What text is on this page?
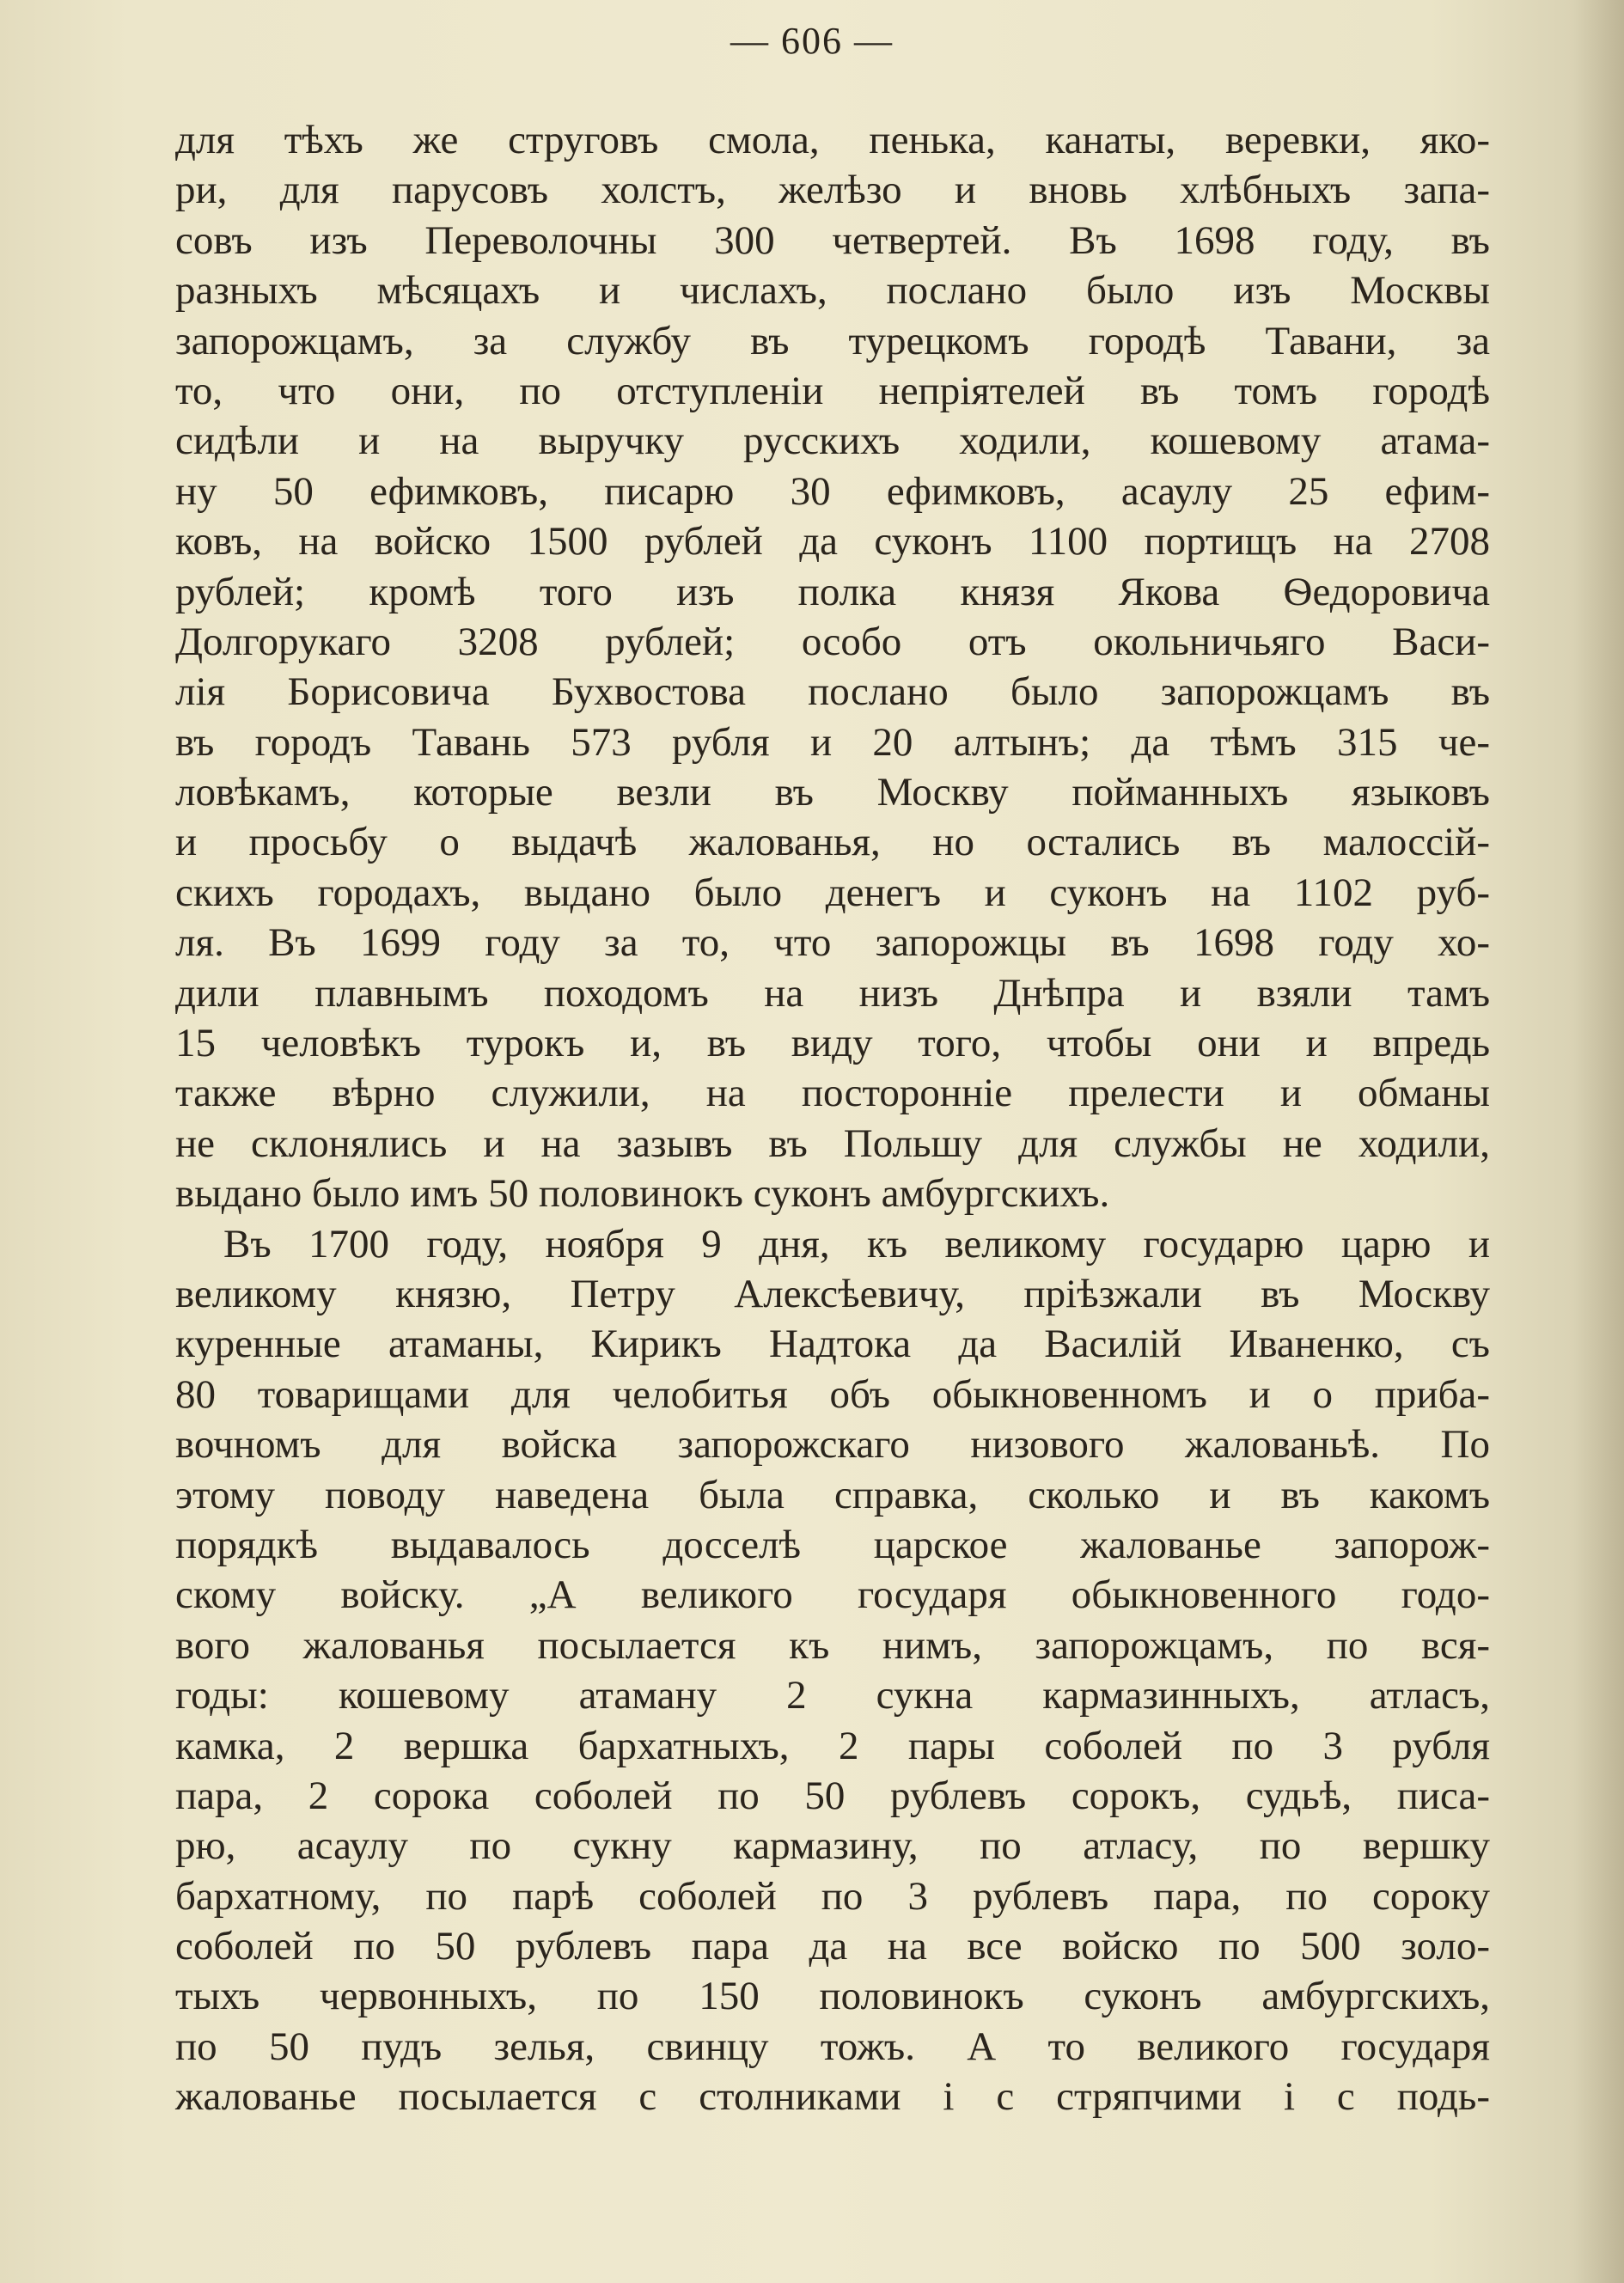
— 606 —
для тѣхъ же струговъ смола, пенька, канаты, веревки, яко-
ри, для парусовъ холстъ, желѣзо и вновь хлѣбныхъ запа-
совъ изъ Переволочны 300 четвертей. Въ 1698 году, въ
разныхъ мѣсяцахъ и числахъ, послано было изъ Москвы
запорожцамъ, за службу въ турецкомъ городѣ Тавани, за
то, что они, по отступленіи непріятелей въ томъ городѣ
сидѣли и на выручку русскихъ ходили, кошевому атама-
ну 50 ефимковъ, писарю 30 ефимковъ, асаулу 25 ефим-
ковъ, на войско 1500 рублей да суконъ 1100 портищъ на 2708
рублей; кромѣ того изъ полка князя Якова Ѳедоровича
Долгорукаго 3208 рублей; особо отъ окольничьяго Васи-
лія Борисовича Бухвостова послано было запорожцамъ въ
въ городъ Тавань 573 рубля и 20 алтынъ; да тѣмъ 315 че-
ловѣкамъ, которые везли въ Москву пойманныхъ языковъ
и просьбу о выдачѣ жалованья, но остались въ малоссій-
скихъ городахъ, выдано было денегъ и суконъ на 1102 руб-
ля. Въ 1699 году за то, что запорожцы въ 1698 году хо-
дили плавнымъ походомъ на низъ Днѣпра и взяли тамъ
15 человѣкъ турокъ и, въ виду того, чтобы они и впредь
также вѣрно служили, на посторонніе прелести и обманы
не склонялись и на зазывъ въ Польшу для службы не ходили,
выдано было имъ 50 половинокъ суконъ амбургскихъ.
Въ 1700 году, ноября 9 дня, къ великому государю царю и
великому князю, Петру Алексѣевичу, пріѣзжали въ Москву
куренные атаманы, Кирикъ Надтока да Василій Иваненко, съ
80 товарищами для челобитья объ обыкновенномъ и о приба-
вочномъ для войска запорожскаго низового жалованьѣ. По
этому поводу наведена была справка, сколько и въ какомъ
порядкѣ выдавалось досселѣ царское жалованье запорож-
скому войску. „А великого государя обыкновенного годо-
вого жалованья посылается къ нимъ, запорожцамъ, по вся-
годы: кошевому атаману 2 сукна кармазинныхъ, атласъ,
камка, 2 вершка бархатныхъ, 2 пары соболей по 3 рубля
пара, 2 сорока соболей по 50 рублевъ сорокъ, судьѣ, писа-
рю, асаулу по сукну кармазину, по атласу, по вершку
бархатному, по парѣ соболей по 3 рублевъ пара, по сороку
соболей по 50 рублевъ пара да на все войско по 500 золо-
тыхъ червонныхъ, по 150 половинокъ суконъ амбургскихъ,
по 50 пудъ зелья, свинцу тожъ. А то великого государя
жалованье посылается с столниками і с стряпчими і с подь-
